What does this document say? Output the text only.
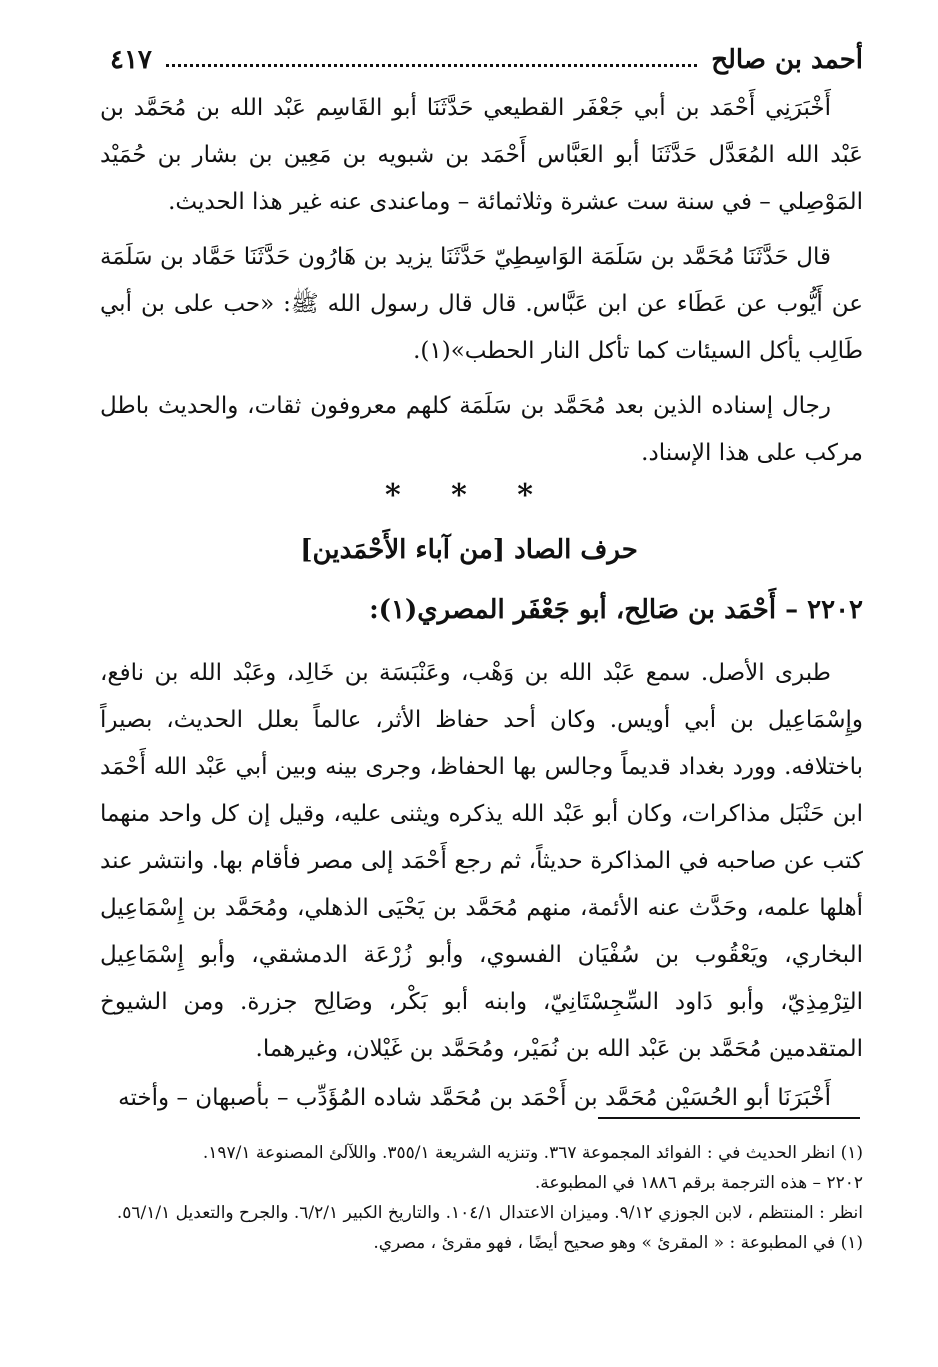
أحمد بن صالح
٤١٧

أَخْبَرَنِي أَحْمَد بن أبي جَعْفَر القطيعي حَدَّثَنَا أبو القَاسِم عَبْد الله بن مُحَمَّد بن عَبْد الله المُعَدَّل حَدَّثَنَا أبو العَبَّاس أَحْمَد بن شبويه بن مَعِين بن بشار بن حُمَيْد المَوْصِلي – في سنة ست عشرة وثلاثمائة – وماعندى عنه غير هذا الحديث.

قال حَدَّثَنَا مُحَمَّد بن سَلَمَة الوَاسِطِيّ حَدَّثَنَا يزيد بن هَارُون حَدَّثَنَا حَمَّاد بن سَلَمَة عن أَيُّوب عن عَطَاء عن ابن عَبَّاس. قال قال رسول الله ﷺ: «حب على بن أبي طَالِب يأكل السيئات كما تأكل النار الحطب»(١).

رجال إسناده الذين بعد مُحَمَّد بن سَلَمَة كلهم معروفون ثقات، والحديث باطل مركب على هذا الإسناد.

* * *
حرف الصاد [من آباء الأَحْمَدين]
٢٢٠٢ – أَحْمَد بن صَالِح، أبو جَعْفَر المصري(١):

طبرى الأصل. سمع عَبْد الله بن وَهْب، وعَنْبَسَة بن خَالِد، وعَبْد الله بن نافع، وإِسْمَاعِيل بن أبي أويس. وكان أحد حفاظ الأثر، عالماً بعلل الحديث، بصيراً باختلافه. وورد بغداد قديماً وجالس بها الحفاظ، وجرى بينه وبين أبي عَبْد الله أَحْمَد ابن حَنْبَل مذاكرات، وكان أبو عَبْد الله يذكره ويثنى عليه، وقيل إن كل واحد منهما كتب عن صاحبه في المذاكرة حديثاً، ثم رجع أَحْمَد إلى مصر فأقام بها. وانتشر عند أهلها علمه، وحَدَّث عنه الأئمة، منهم مُحَمَّد بن يَحْيَى الذهلي، ومُحَمَّد بن إِسْمَاعِيل البخاري، ويَعْقُوب بن سُفْيَان الفسوي، وأبو زُرْعَة الدمشقي، وأبو إِسْمَاعِيل التِرْمِذِيّ، وأبو دَاود السِّجِسْتَانِيّ، وابنه أبو بَكْر، وصَالِح جزرة. ومن الشيوخ المتقدمين مُحَمَّد بن عَبْد الله بن نُمَيْر، ومُحَمَّد بن غَيْلان، وغيرهما.

أَخْبَرَنَا أبو الحُسَيْن مُحَمَّد بن أَحْمَد بن مُحَمَّد شاده المُؤَدِّب – بأصبهان – وأخته

(١) انظر الحديث في : الفوائد المجموعة ٣٦٧. وتنزيه الشريعة ٣٥٥/١. واللآلئ المصنوعة ١٩٧/١.

٢٢٠٢ – هذه الترجمة برقم ١٨٨٦ في المطبوعة.

انظر : المنتظم ، لابن الجوزي ٩/١٢. وميزان الاعتدال ١٠٤/١. والتاريخ الكبير ٦/٢/١. والجرح والتعديل ٥٦/١/١.

(١) في المطبوعة : « المقرئ » وهو صحيح أيضًا ، فهو مقرئ ، مصري.
